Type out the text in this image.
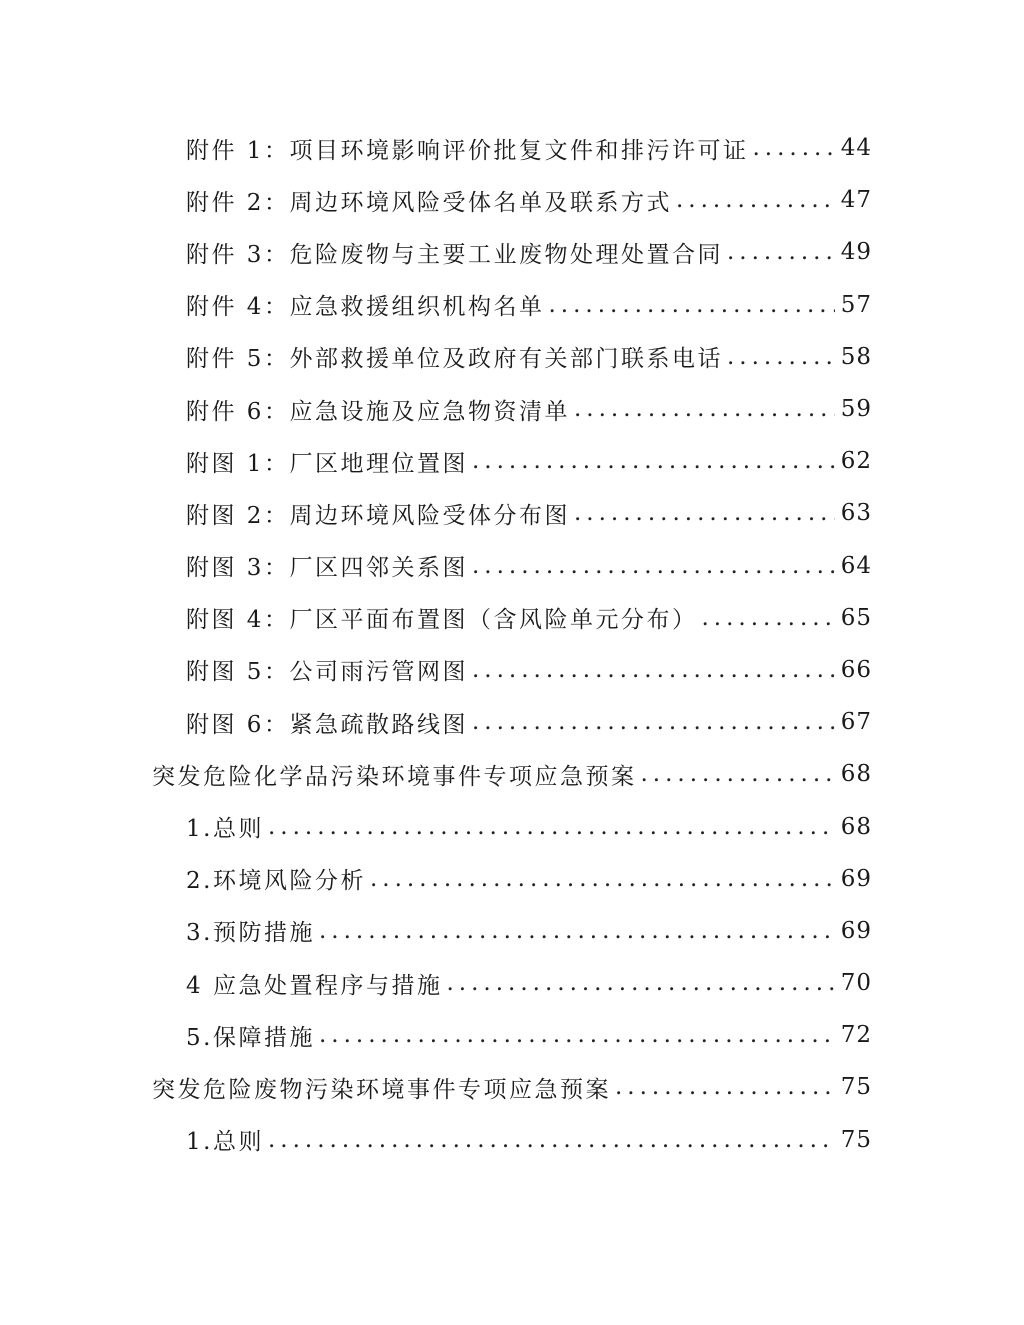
附件 1：项目环境影响评价批复文件和排污许可证 .....	44
附件 2：周边环境风险受体名单及联系方式 .....	47
附件 3：危险废物与主要工业废物处理处置合同 .....	49
附件 4：应急救援组织机构名单 .....	57
附件 5：外部救援单位及政府有关部门联系电话 .....	58
附件 6：应急设施及应急物资清单 .....	59
附图 1：厂区地理位置图 .....	62
附图 2：周边环境风险受体分布图 .....	63
附图 3：厂区四邻关系图 .....	64
附图 4：厂区平面布置图（含风险单元分布） .....	65
附图 5：公司雨污管网图 .....	66
附图 6：紧急疏散路线图 .....	67
突发危险化学品污染环境事件专项应急预案 .....	68
1.总则 .....	68
2.环境风险分析 .....	69
3.预防措施 .....	69
4 应急处置程序与措施 .....	70
5.保障措施 .....	72
突发危险废物污染环境事件专项应急预案 .....	75
1.总则 .....	75
